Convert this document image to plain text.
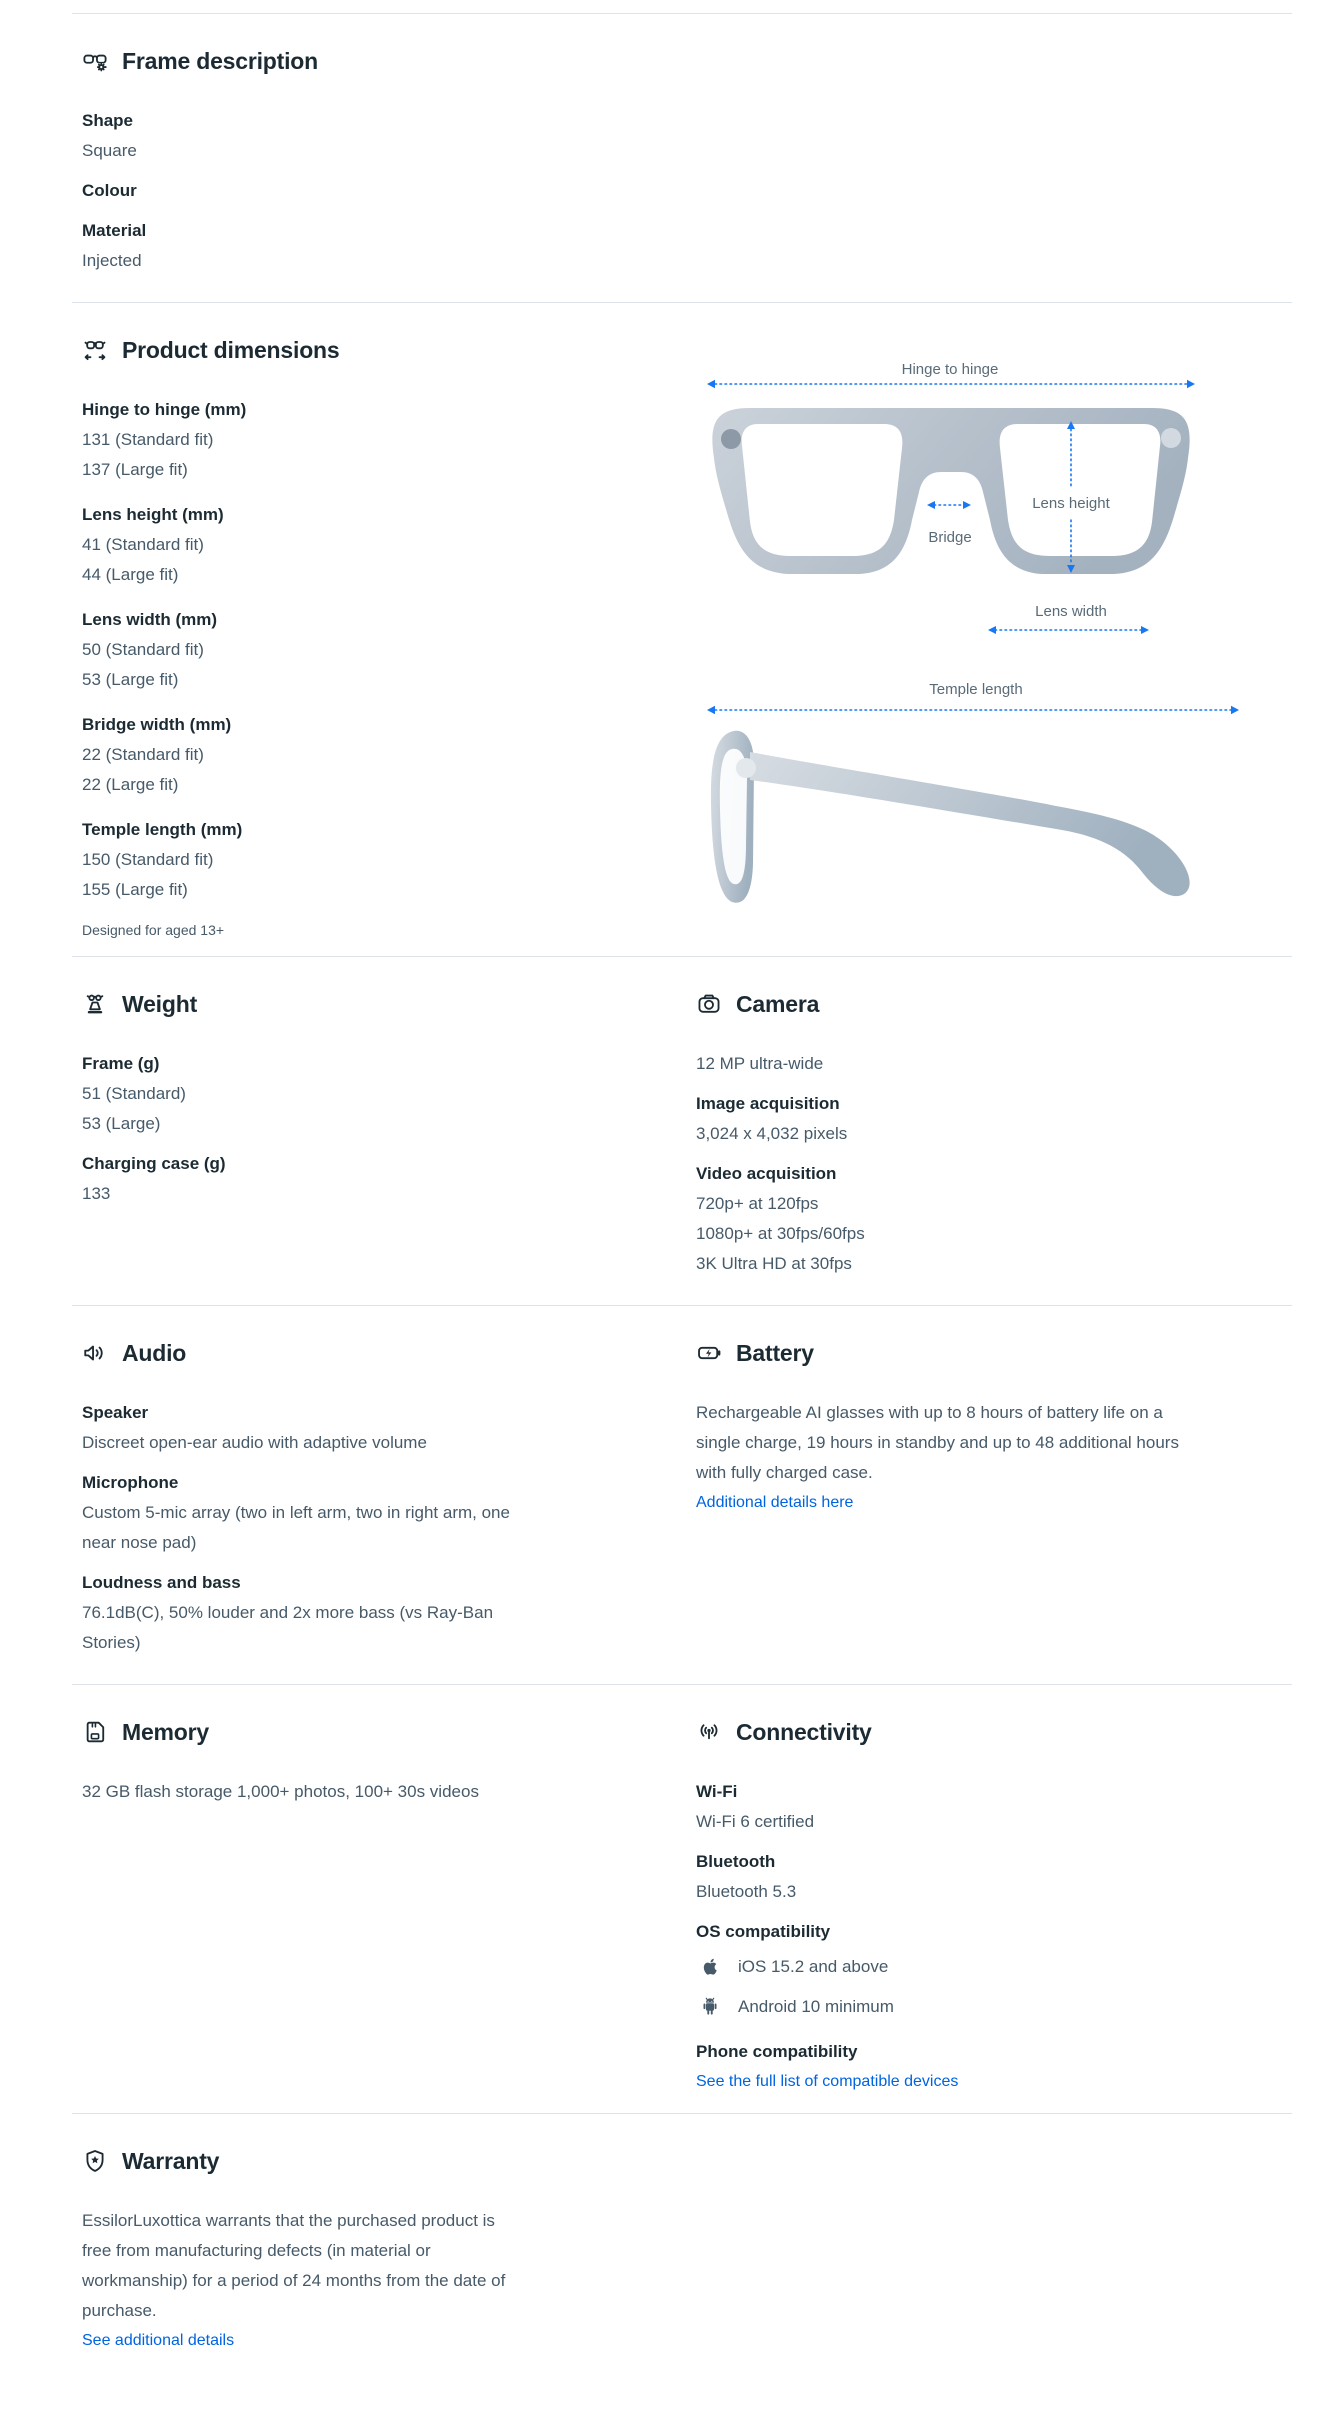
Frame description
Shape
Square
Colour
Material
Injected
Product dimensions
Hinge to hinge (mm)
131 (Standard fit)
137 (Large fit)
Lens height (mm)
41 (Standard fit)
44 (Large fit)
Lens width (mm)
50 (Standard fit)
53 (Large fit)
Bridge width (mm)
22 (Standard fit)
22 (Large fit)
Temple length (mm)
150 (Standard fit)
155 (Large fit)
Designed for aged 13+
Hinge to hinge
Bridge
Lens height
Lens width
Temple length
Weight
Frame (g)
51 (Standard)
53 (Large)
Charging case (g)
133
Camera
12 MP ultra-wide
Image acquisition
3,024 x 4,032 pixels
Video acquisition
720p+ at 120fps
1080p+ at 30fps/60fps
3K Ultra HD at 30fps
Audio
Speaker
Discreet open-ear audio with adaptive volume
Microphone
Custom 5-mic array (two in left arm, two in right arm, one near nose pad)
Loudness and bass
76.1dB(C), 50% louder and 2x more bass (vs Ray-Ban Stories)
Battery
Rechargeable AI glasses with up to 8 hours of battery life on a single charge, 19 hours in standby and up to 48 additional hours with fully charged case.
Additional details here
Memory
32 GB flash storage 1,000+ photos, 100+ 30s videos
Connectivity
Wi-Fi
Wi-Fi 6 certified
Bluetooth
Bluetooth 5.3
OS compatibility
iOS 15.2 and above
Android 10 minimum
Phone compatibility
See the full list of compatible devices
Warranty
EssilorLuxottica warrants that the purchased product is free from manufacturing defects (in material or workmanship) for a period of 24 months from the date of purchase.
See additional details
